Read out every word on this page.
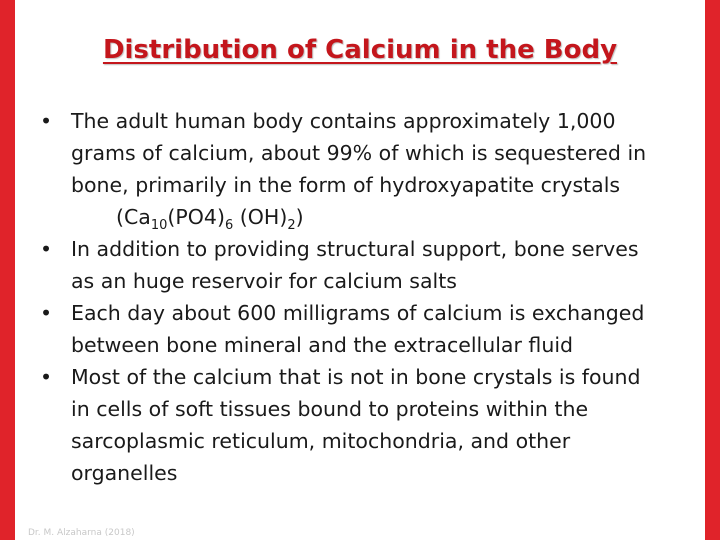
Distribution of Calcium in the Body
• The adult human body contains approximately 1,000
grams of calcium, about 99% of which is sequestered in
bone, primarily in the form of hydroxyapatite crystals
($Ca_{10}(PO4)_6$ $(OH)_2$)
• In addition to providing structural support, bone serves
as an huge reservoir for calcium salts
• Each day about 600 milligrams of calcium is exchanged
between bone mineral and the extracellular fluid
• Most of the calcium that is not in bone crystals is found
in cells of soft tissues bound to proteins within the
sarcoplasmic reticulum, mitochondria, and other
organelles
Dr. M. Alzaharna (2018)
